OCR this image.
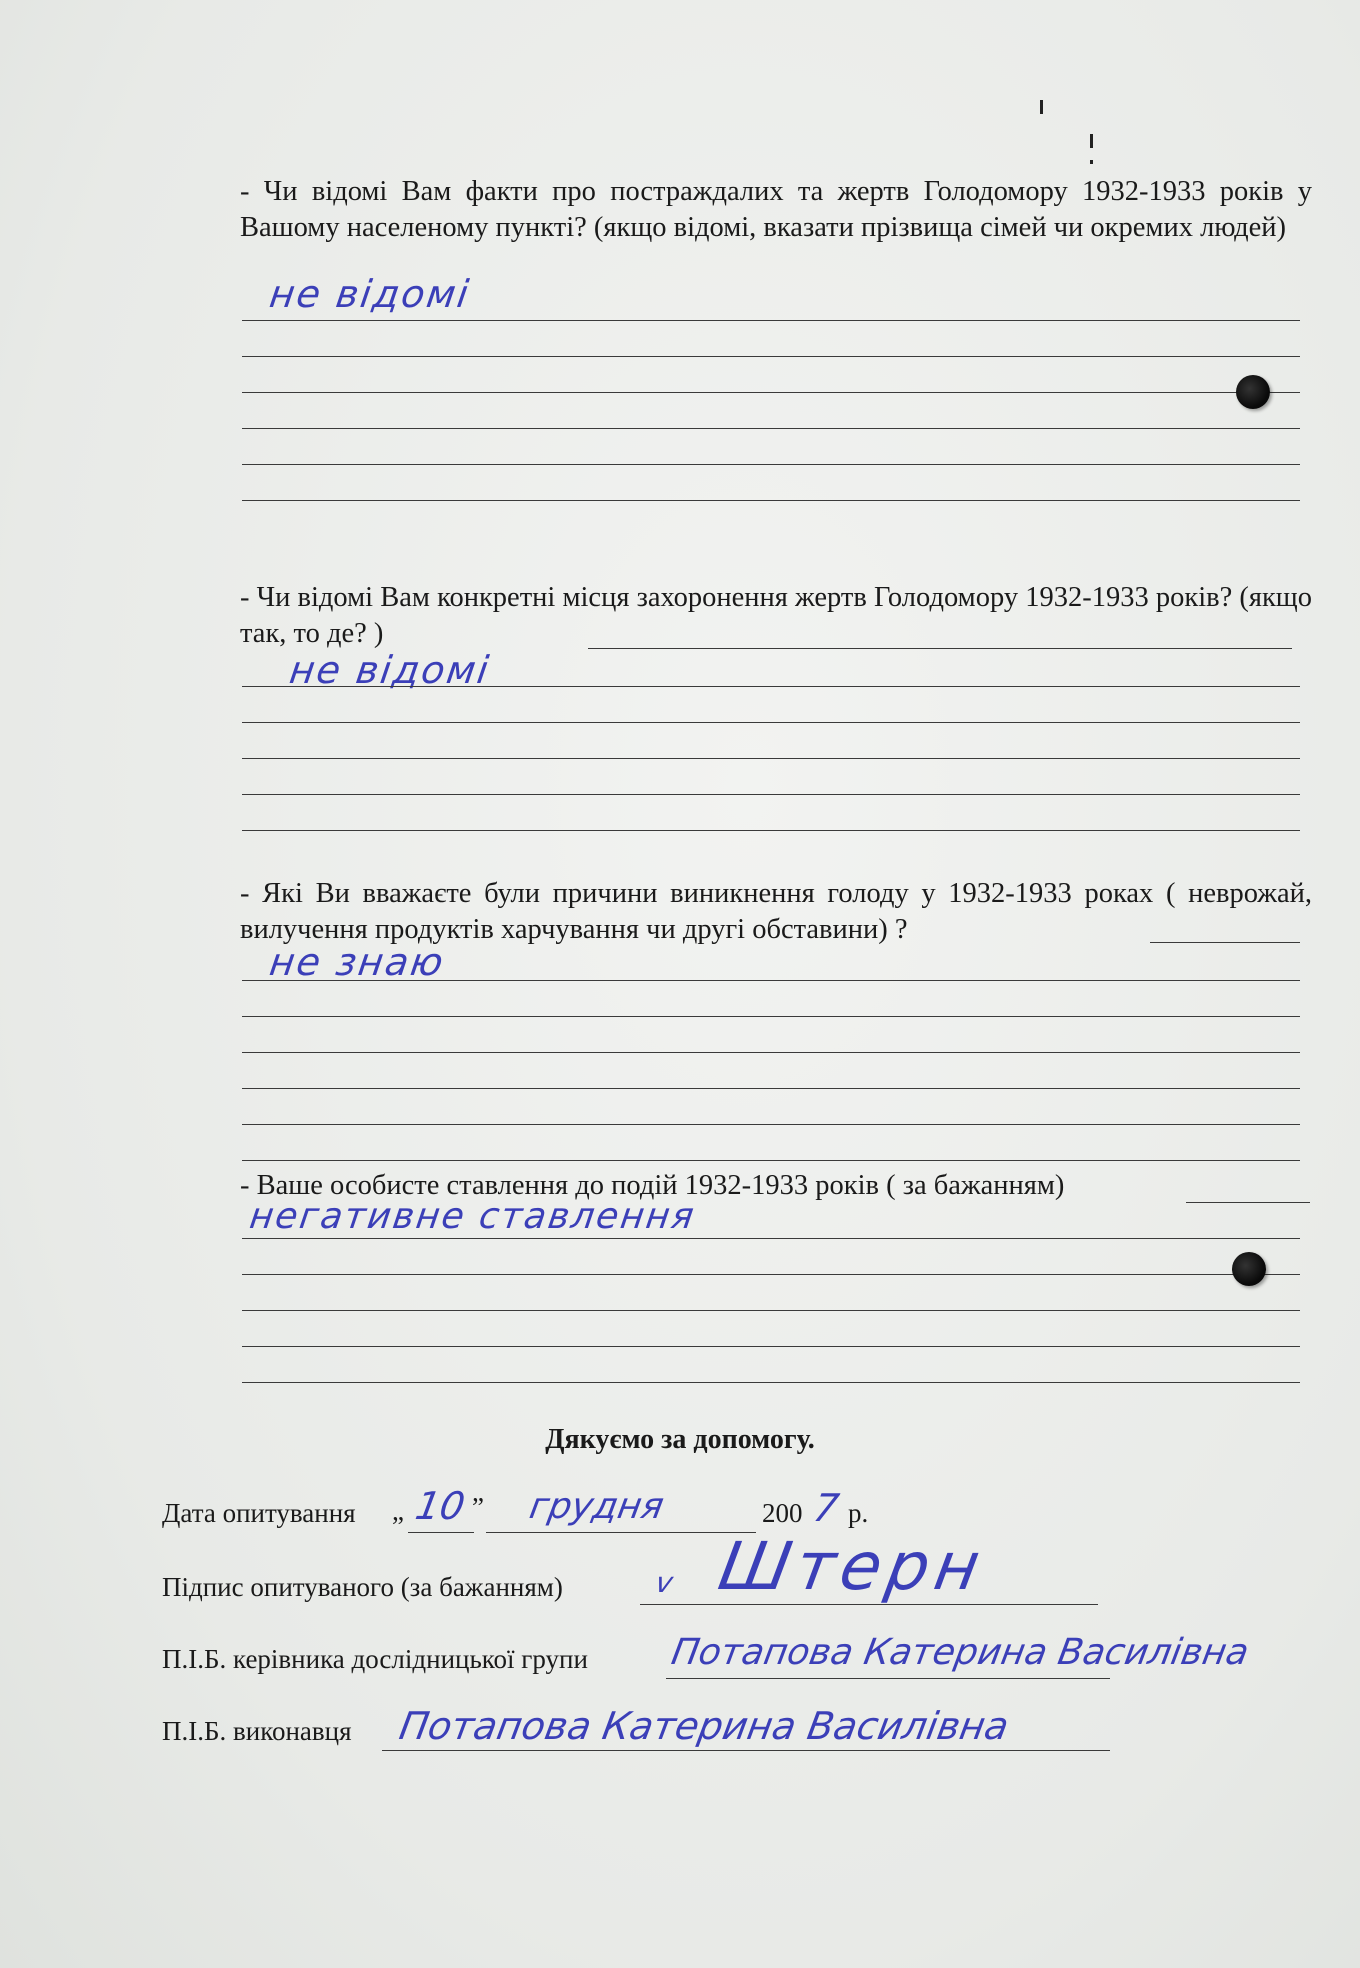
- Чи відомі Вам факти про постраждалих та жертв Голодомору 1932-1933 років у Вашому населеному пункті? (якщо відомі, вказати прізвища сімей чи окремих людей)
не відомі
- Чи відомі Вам конкретні місця захоронення жертв Голодомору 1932-1933 років? (якщо так, то де? )
не відомі
- Які Ви вважаєте були причини виникнення голоду у 1932-1933 роках ( неврожай, вилучення продуктів харчування чи другі обставини) ?
не знаю
- Ваше особисте ставлення до подій 1932-1933 років ( за бажанням)
негативне ставлення
Дякуємо за допомогу.
Дата опитування „ 10 ” грудня	200 7 р.
Підпис опитуваного (за бажанням)	v Штерн
П.І.Б. керівника дослідницької групи Потапова Катерина Василівна
П.І.Б. виконавця Потапова Катерина Василівна
